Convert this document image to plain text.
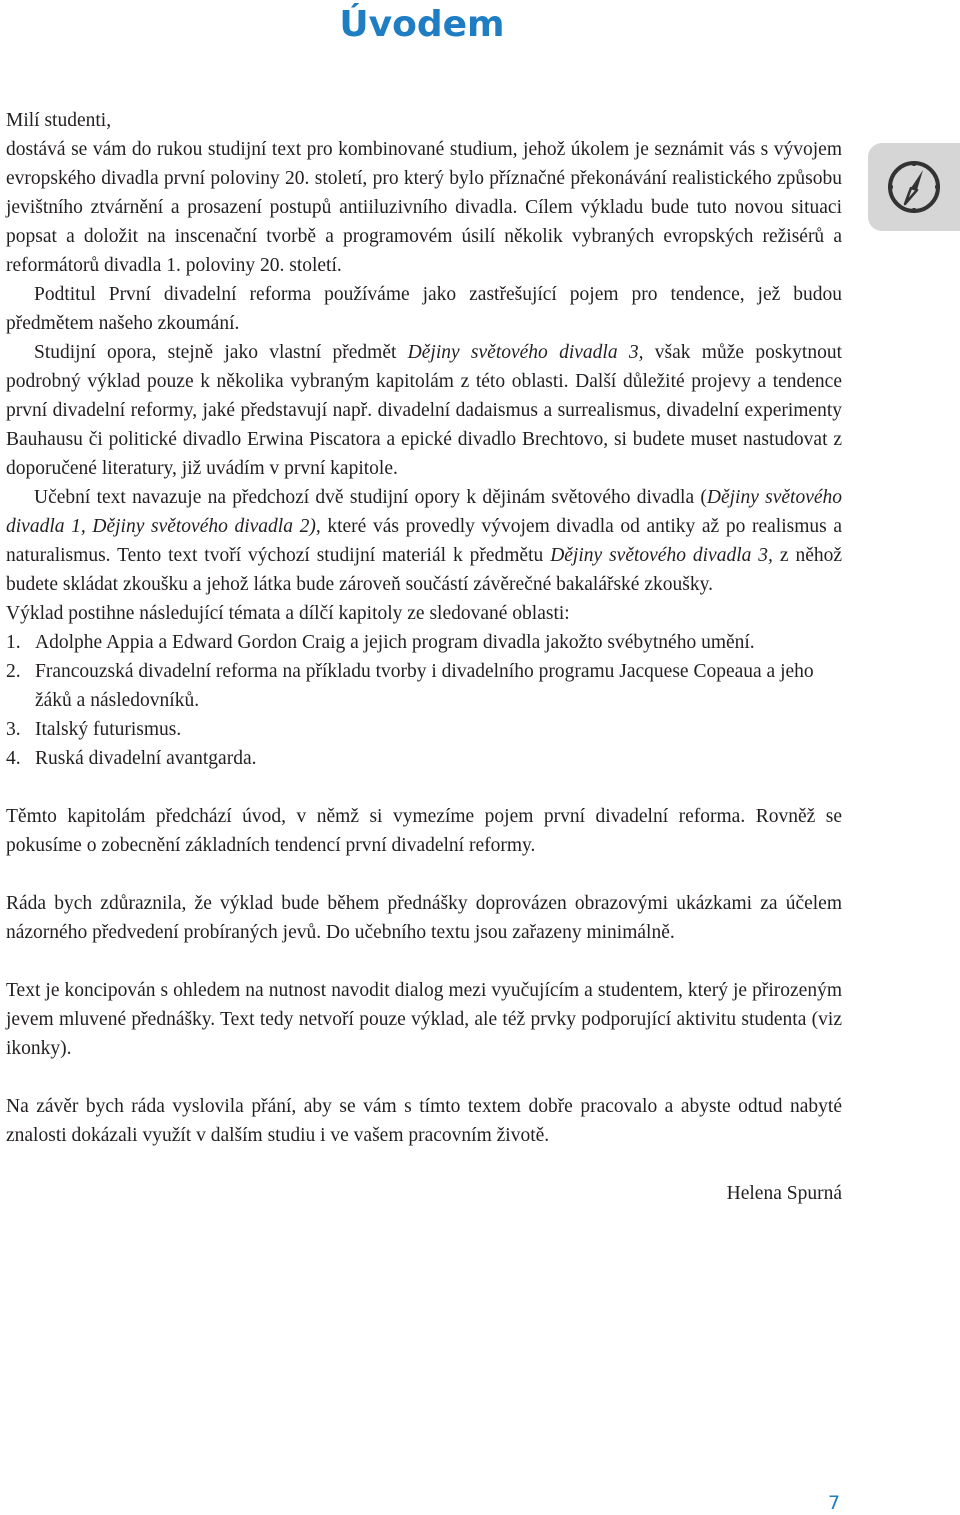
Úvodem

Milí studenti,

dostává se vám do rukou studijní text pro kombinované studium, jehož úkolem je seznámit vás s vývojem evropského divadla první poloviny 20. století, pro který bylo příznačné překonávání realistického způsobu jevištního ztvárnění a prosazení postupů antiiluzivního divadla. Cílem výkladu bude tuto novou situaci popsat a doložit na inscenační tvorbě a programovém úsilí několik vybraných evropských režisérů a reformátorů divadla 1. poloviny 20. století.

Podtitul První divadelní reforma používáme jako zastřešující pojem pro tendence, jež budou předmětem našeho zkoumání.

Studijní opora, stejně jako vlastní předmět Dějiny světového divadla 3, však může poskytnout podrobný výklad pouze k několika vybraným kapitolám z této oblasti. Další důležité projevy a tendence první divadelní reformy, jaké představují např. divadelní dadaismus a surrealismus, divadelní experimenty Bauhausu či politické divadlo Erwina Piscatora a epické divadlo Brechtovo, si budete muset nastudovat z doporučené literatury, již uvádím v první kapitole.

Učební text navazuje na předchozí dvě studijní opory k dějinám světového divadla (Dějiny světového divadla 1, Dějiny světového divadla 2), které vás provedly vývojem divadla od antiky až po realismus a naturalismus. Tento text tvoří výchozí studijní materiál k předmětu Dějiny světového divadla 3, z něhož budete skládat zkoušku a jehož látka bude zároveň součástí závěrečné bakalářské zkoušky.

Výklad postihne následující témata a dílčí kapitoly ze sledované oblasti:

1. Adolphe Appia a Edward Gordon Craig a jejich program divadla jakožto svébytného umění.
2. Francouzská divadelní reforma na příkladu tvorby i divadelního programu Jacquese Copeaua a jeho žáků a následovníků.
3. Italský futurismus.
4. Ruská divadelní avantgarda.

Těmto kapitolám předchází úvod, v němž si vymezíme pojem první divadelní reforma. Rovněž se pokusíme o zobecnění základních tendencí první divadelní reformy.

Ráda bych zdůraznila, že výklad bude během přednášky doprovázen obrazovými ukázkami za účelem názorného předvedení probíraných jevů. Do učebního textu jsou zařazeny minimálně.

Text je koncipován s ohledem na nutnost navodit dialog mezi vyučujícím a studentem, který je přirozeným jevem mluvené přednášky. Text tedy netvoří pouze výklad, ale též prvky podporující aktivitu studenta (viz ikonky).

Na závěr bych ráda vyslovila přání, aby se vám s tímto textem dobře pracovalo a abyste odtud nabyté znalosti dokázali využít v dalším studiu i ve vašem pracovním životě.

Helena Spurná

7
